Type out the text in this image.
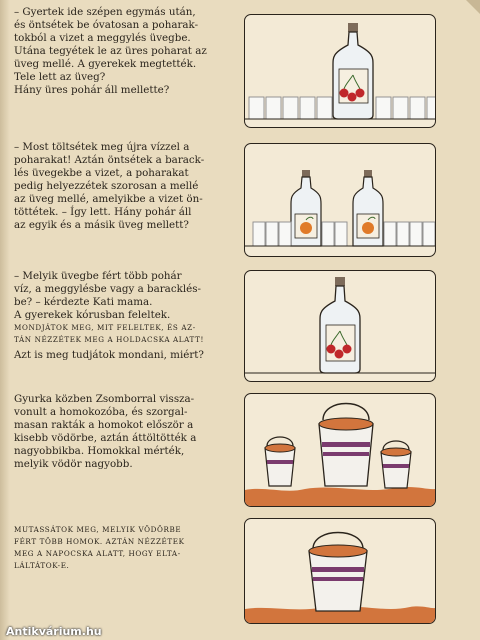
– Gyertek ide szépen egymás után,

és öntsétek be óvatosan a poharak-

tokból a vizet a meggylés üvegbe.

Utána tegyétek le az üres poharat az

üveg mellé. A gyerekek megtették.

Tele lett az üveg?

Hány üres pohár áll mellette?

– Most töltsétek meg újra vízzel a

poharakat! Aztán öntsétek a barack-

lés üvegekbe a vizet, a poharakat

pedig helyezzétek szorosan a mellé

az üveg mellé, amelyikbe a vizet ön-

töttétek. – Így lett. Hány pohár áll

az egyik és a másik üveg mellett?

– Melyik üvegbe fért több pohár

víz, a meggylésbe vagy a baracklés-

be? – kérdezte Kati mama.

A gyerekek kórusban feleltek.

MONDJÁTOK MEG, MIT FELELTEK, ÉS AZ-

TÁN NÉZZÉTEK MEG A HOLDACSKA ALATT!

Azt is meg tudjátok mondani, miért?

Gyurka közben Zsomborral vissza-

vonult a homokozóba, és szorgal-

masan rakták a homokot először a

kisebb vödörbe, aztán áttöltötték a

nagyobbikba. Homokkal mérték,

melyik vödör nagyobb.

MUTASSÁTOK MEG, MELYIK VÖDÖRBE

FÉRT TÖBB HOMOK. AZTÁN NÉZZÉTEK

MEG A NAPOCSKA ALATT, HOGY ELTA-

LÁLTÁTOK-E.

Antikvárium.hu
